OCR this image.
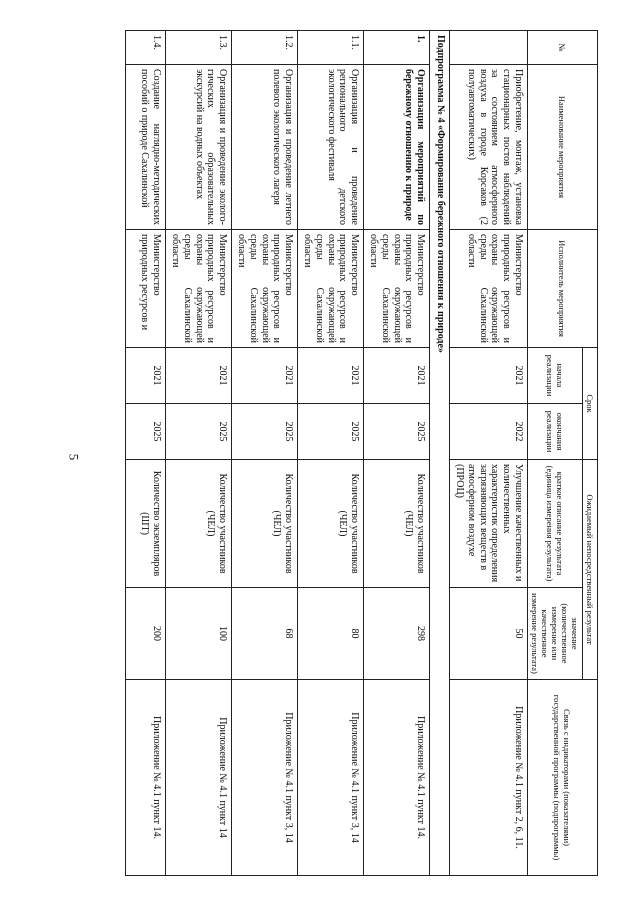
5
№	Наименование мероприятия	Исполнитель мероприятия	Срок		Ожидаемый непосредственный результат		Связь с индикаторами (показателями) государственной программы (подпрограммы)
			начала реализации	окончания реализации	краткое описание результата (единица измерения результата)	значение (количественное измерение или качественное измерение результата)	
	Приобретение, монтаж, установка стационарных постов наблюдений за состоянием атмосферного воздуха в городе Корсаков (2 полуавтоматических)	Министерство природных ресурсов и охраны окружающей среды Сахалинской области	2021	2022	Улучшение качественных и количественных характеристик определения загрязняющих веществ в атмосферном воздухе (ПРОЦ)	50	Приложение № 4.1 пункт 2, 6, 11.
Подпрограмма № 4 «Формирование бережного отношения к природе»							
1.	Организация мероприятий по бережному отношению к природе	Министерство природных ресурсов и охраны окружающей среды Сахалинской области	2021	2025	Количество участников (ЧЕЛ)	298	Приложение № 4.1 пункт 14.
1.1.	Организация и проведение регионального детского экологического фестиваля	Министерство природных ресурсов и охраны окружающей среды Сахалинской области	2021	2025	Количество участников (ЧЕЛ)	80	Приложение № 4.1 пункт 3, 14
1.2.	Организация и проведение летнего полевого экологического лагеря	Министерство природных ресурсов и охраны окружающей среды Сахалинской области	2021	2025	Количество участников (ЧЕЛ)	68	Приложение № 4.1 пункт 3, 14
1.3.	Организация и проведение эколого-гических образовательных экскурсий на водных объектах	Министерство природных ресурсов и охраны окружающей среды Сахалинской области	2021	2025	Количество участников (ЧЕЛ)	100	Приложение № 4.1 пункт 14
1.4.	Создание наглядно-методических пособий о природе Сахалинской	Министерство природных ресурсов и	2021	2025	Количество экземпляров (ШТ)	200	Приложение № 4.1 пункт 14.
